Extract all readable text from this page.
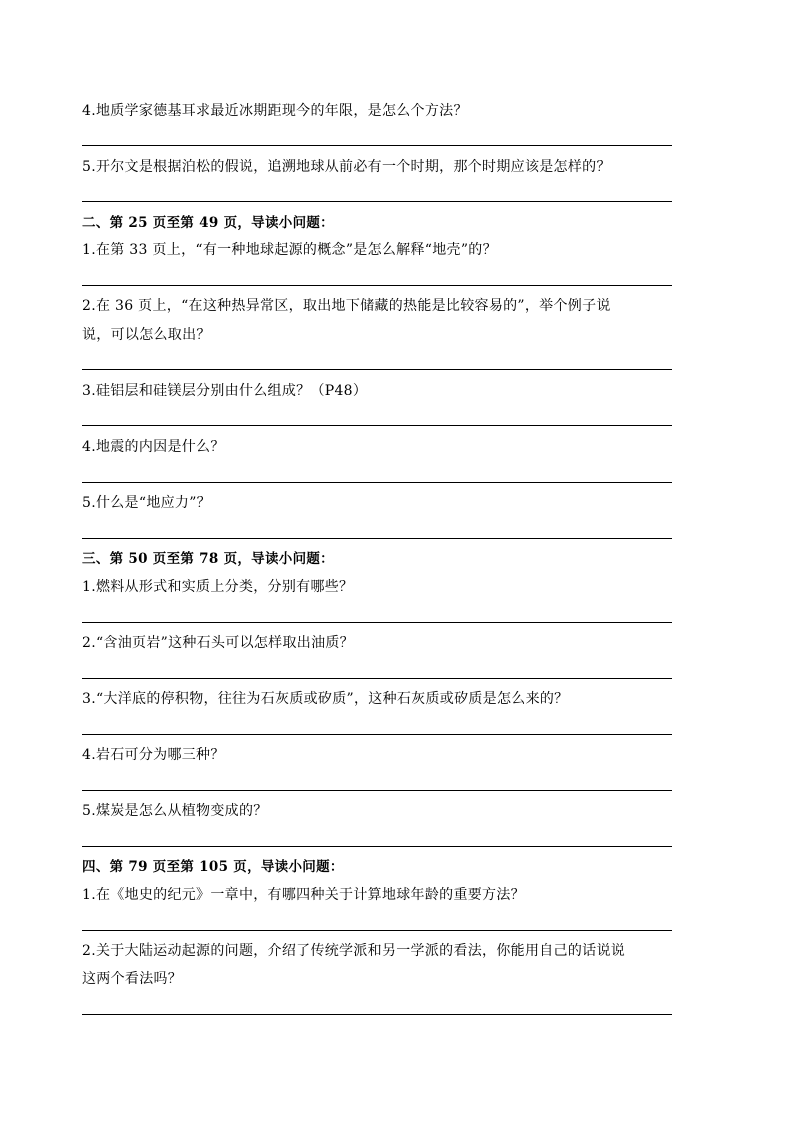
4.地质学家德基耳求最近冰期距现今的年限，是怎么个方法？
5.开尔文是根据泊松的假说，追溯地球从前必有一个时期，那个时期应该是怎样的？
二、第 25 页至第 49 页，导读小问题：
1.在第 33 页上，“有一种地球起源的概念”是怎么解释“地壳”的？
2.在 36 页上，“在这种热异常区，取出地下储藏的热能是比较容易的”，举个例子说
说，可以怎么取出？
3.硅铝层和硅镁层分别由什么组成？（P48）
4.地震的内因是什么？
5.什么是“地应力”？
三、第 50 页至第 78 页，导读小问题：
1.燃料从形式和实质上分类，分别有哪些？
2.“含油页岩”这种石头可以怎样取出油质？
3.“大洋底的停积物，往往为石灰质或矽质”，这种石灰质或矽质是怎么来的？
4.岩石可分为哪三种？
5.煤炭是怎么从植物变成的？
四、第 79 页至第 105 页，导读小问题：
1.在《地史的纪元》一章中，有哪四种关于计算地球年龄的重要方法？
2.关于大陆运动起源的问题，介绍了传统学派和另一学派的看法，你能用自己的话说说
这两个看法吗？
